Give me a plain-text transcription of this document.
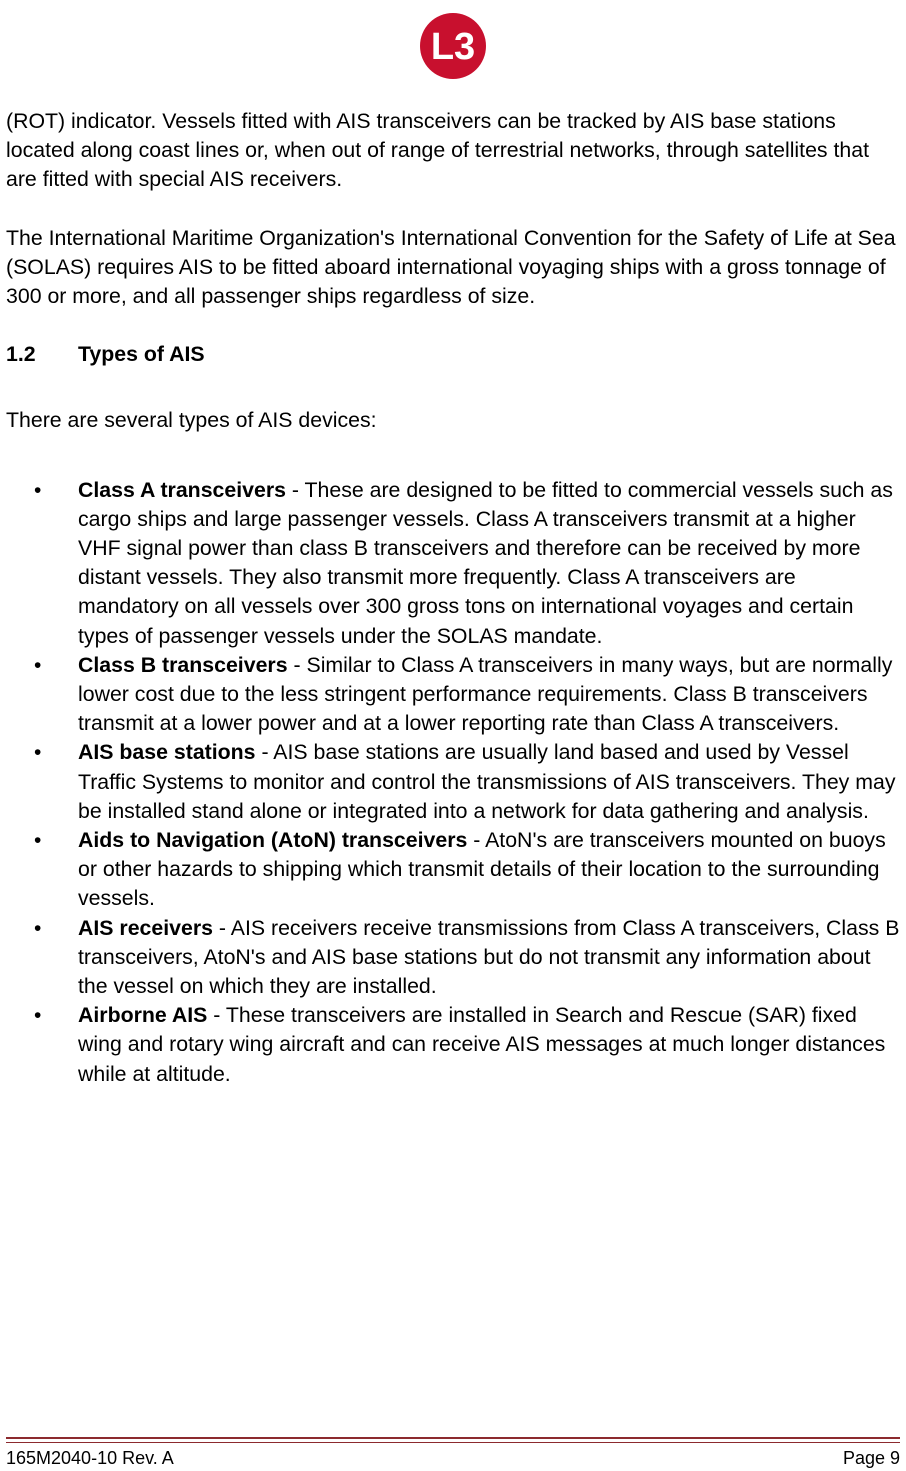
L3

(ROT) indicator. Vessels fitted with AIS transceivers can be tracked by AIS base stations located along coast lines or, when out of range of terrestrial networks, through satellites that are fitted with special AIS receivers.

The International Maritime Organization's International Convention for the Safety of Life at Sea (SOLAS) requires AIS to be fitted aboard international voyaging ships with a gross tonnage of 300 or more, and all passenger ships regardless of size.

1.2	Types of AIS

There are several types of AIS devices:

• Class A transceivers - These are designed to be fitted to commercial vessels such as cargo ships and large passenger vessels. Class A transceivers transmit at a higher VHF signal power than class B transceivers and therefore can be received by more distant vessels. They also transmit more frequently. Class A transceivers are mandatory on all vessels over 300 gross tons on international voyages and certain types of passenger vessels under the SOLAS mandate.
• Class B transceivers - Similar to Class A transceivers in many ways, but are normally lower cost due to the less stringent performance requirements. Class B transceivers transmit at a lower power and at a lower reporting rate than Class A transceivers.
• AIS base stations - AIS base stations are usually land based and used by Vessel Traffic Systems to monitor and control the transmissions of AIS transceivers. They may be installed stand alone or integrated into a network for data gathering and analysis.
• Aids to Navigation (AtoN) transceivers - AtoN's are transceivers mounted on buoys or other hazards to shipping which transmit details of their location to the surrounding vessels.
• AIS receivers - AIS receivers receive transmissions from Class A transceivers, Class B transceivers, AtoN's and AIS base stations but do not transmit any information about the vessel on which they are installed.
• Airborne AIS - These transceivers are installed in Search and Rescue (SAR) fixed wing and rotary wing aircraft and can receive AIS messages at much longer distances while at altitude.
165M2040-10 Rev. A	Page 9
